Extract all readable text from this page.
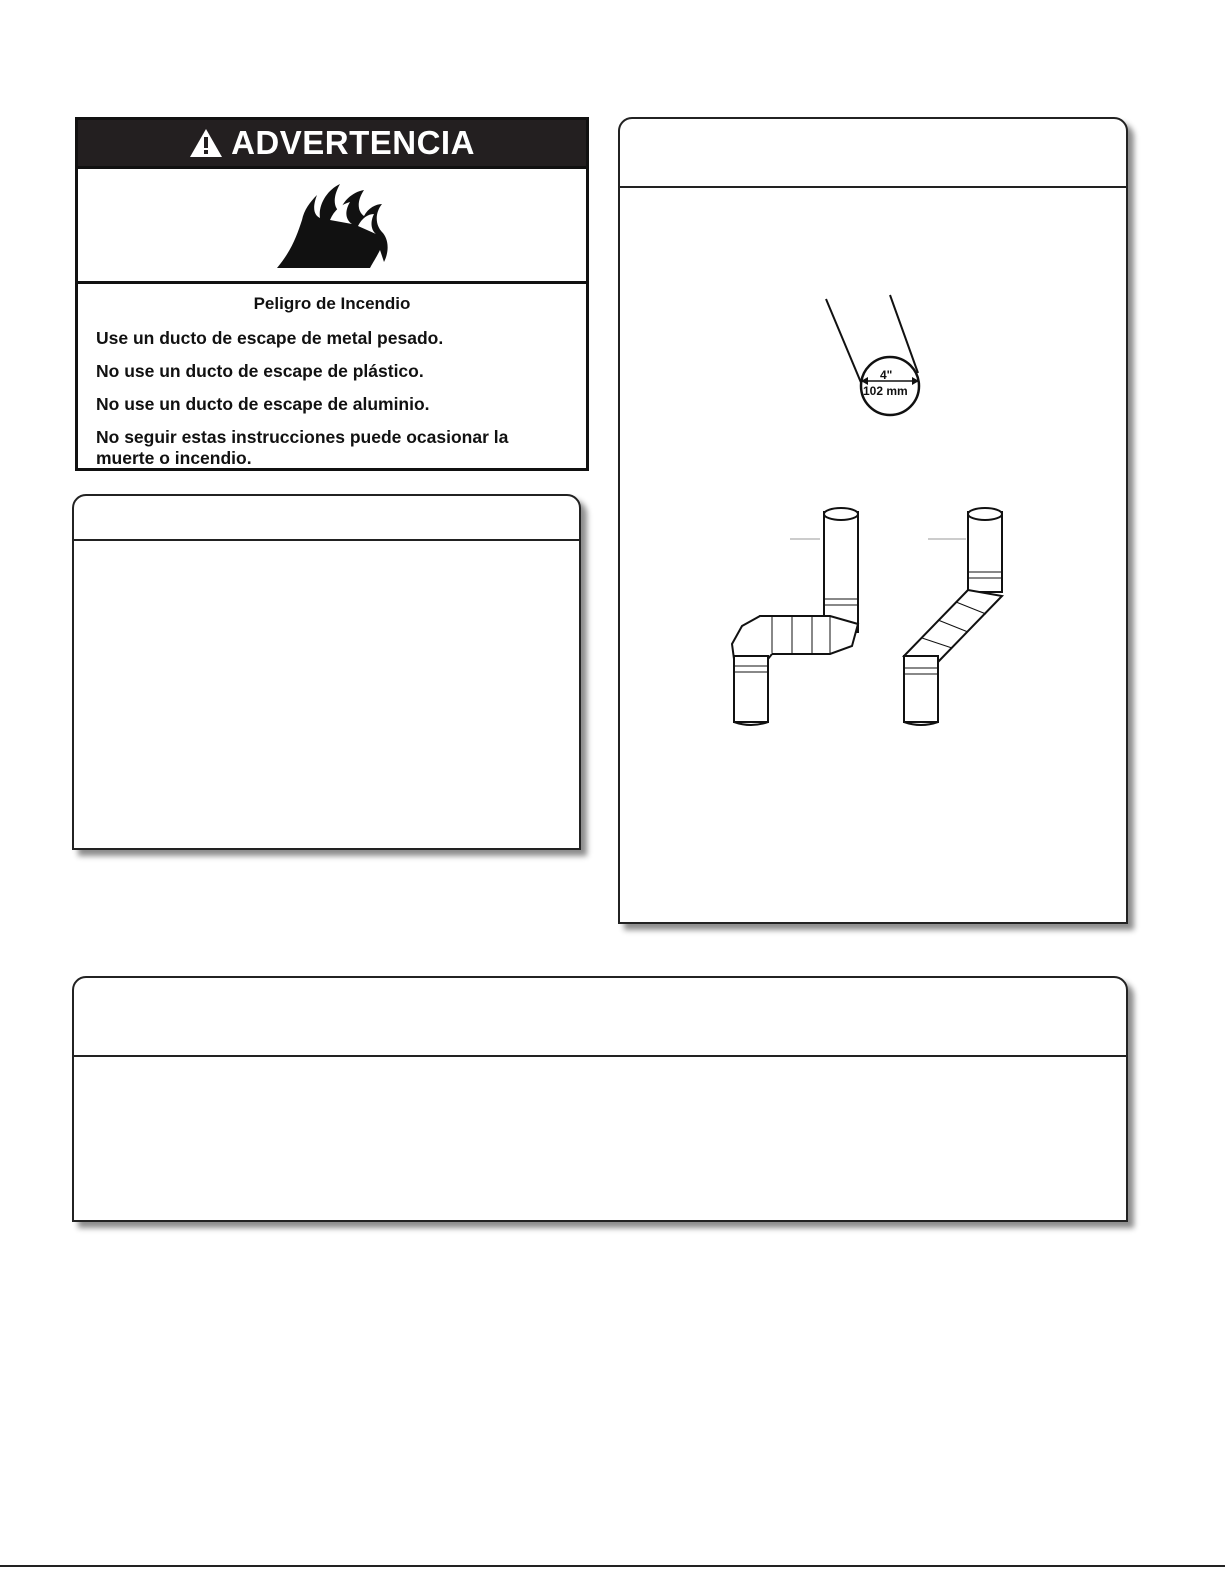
ADVERTENCIA
Peligro de Incendio

Use un ducto de escape de metal pesado.

No use un ducto de escape de plástico.

No use un ducto de escape de aluminio.

No seguir estas instrucciones puede ocasionar la muerte o incendio.

4"
102 mm
